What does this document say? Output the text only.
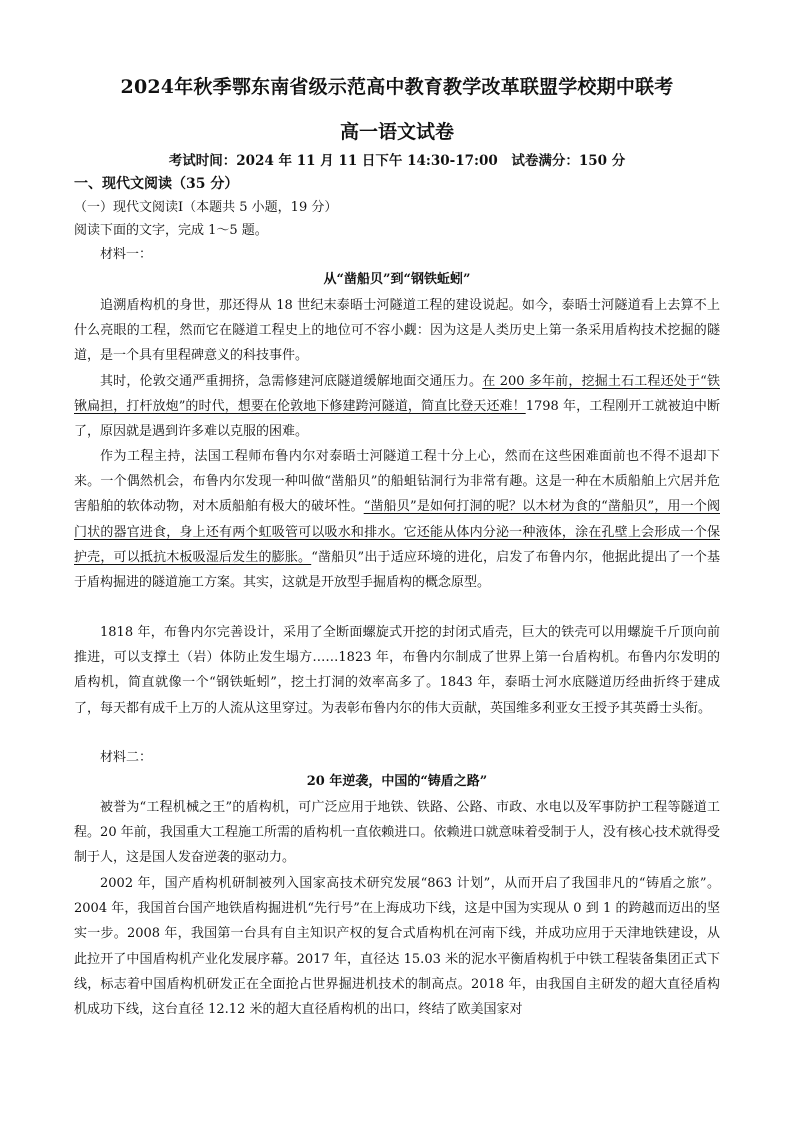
2024年秋季鄂东南省级示范高中教育教学改革联盟学校期中联考
高一语文试卷
考试时间：2024 年 11 月 11 日下午 14:30-17:00　试卷满分：150 分
一、现代文阅读（35 分）
（一）现代文阅读Ⅰ（本题共 5 小题，19 分）
阅读下面的文字，完成 1～5 题。
材料一：
从“凿船贝”到“钢铁蚯蚓”

追溯盾构机的身世，那还得从 18 世纪末泰晤士河隧道工程的建设说起。如今，泰晤士河隧道看上去算不上什么亮眼的工程，然而它在隧道工程史上的地位可不容小觑：因为这是人类历史上第一条采用盾构技术挖掘的隧道，是一个具有里程碑意义的科技事件。

其时，伦敦交通严重拥挤，急需修建河底隧道缓解地面交通压力。在 200 多年前，挖掘土石工程还处于“铁锹扁担，打杆放炮”的时代，想要在伦敦地下修建跨河隧道，简直比登天还难！1798 年，工程刚开工就被迫中断了，原因就是遇到许多难以克服的困难。

作为工程主持，法国工程师布鲁内尔对泰晤士河隧道工程十分上心，然而在这些困难面前也不得不退却下来。一个偶然机会，布鲁内尔发现一种叫做“凿船贝”的船蛆钻洞行为非常有趣。这是一种在木质船舶上穴居并危害船舶的软体动物，对木质船舶有极大的破坏性。“凿船贝”是如何打洞的呢？以木材为食的“凿船贝”，用一个阀门状的器官进食，身上还有两个虹吸管可以吸水和排水。它还能从体内分泌一种液体，涂在孔壁上会形成一个保护壳，可以抵抗木板吸湿后发生的膨胀。“凿船贝”出于适应环境的进化，启发了布鲁内尔，他据此提出了一个基于盾构掘进的隧道施工方案。其实，这就是开放型手掘盾构的概念原型。

1818 年，布鲁内尔完善设计，采用了全断面螺旋式开挖的封闭式盾壳，巨大的铁壳可以用螺旋千斤顶向前推进，可以支撑土（岩）体防止发生塌方……1823 年，布鲁内尔制成了世界上第一台盾构机。布鲁内尔发明的盾构机，简直就像一个“钢铁蚯蚓”，挖土打洞的效率高多了。1843 年，泰晤士河水底隧道历经曲折终于建成了，每天都有成千上万的人流从这里穿过。为表彰布鲁内尔的伟大贡献，英国维多利亚女王授予其英爵士头衔。

材料二：
20 年逆袭，中国的“铸盾之路”

被誉为“工程机械之王”的盾构机，可广泛应用于地铁、铁路、公路、市政、水电以及军事防护工程等隧道工程。20 年前，我国重大工程施工所需的盾构机一直依赖进口。依赖进口就意味着受制于人，没有核心技术就得受制于人，这是国人发奋逆袭的驱动力。

2002 年，国产盾构机研制被列入国家高技术研究发展“863 计划”，从而开启了我国非凡的“铸盾之旅”。2004 年，我国首台国产地铁盾构掘进机“先行号”在上海成功下线，这是中国为实现从 0 到 1 的跨越而迈出的坚实一步。2008 年，我国第一台具有自主知识产权的复合式盾构机在河南下线，并成功应用于天津地铁建设，从此拉开了中国盾构机产业化发展序幕。2017 年，直径达 15.03 米的泥水平衡盾构机于中铁工程装备集团正式下线，标志着中国盾构机研发正在全面抢占世界掘进机技术的制高点。2018 年，由我国自主研发的超大直径盾构机成功下线，这台直径 12.12 米的超大直径盾构机的出口，终结了欧美国家对
